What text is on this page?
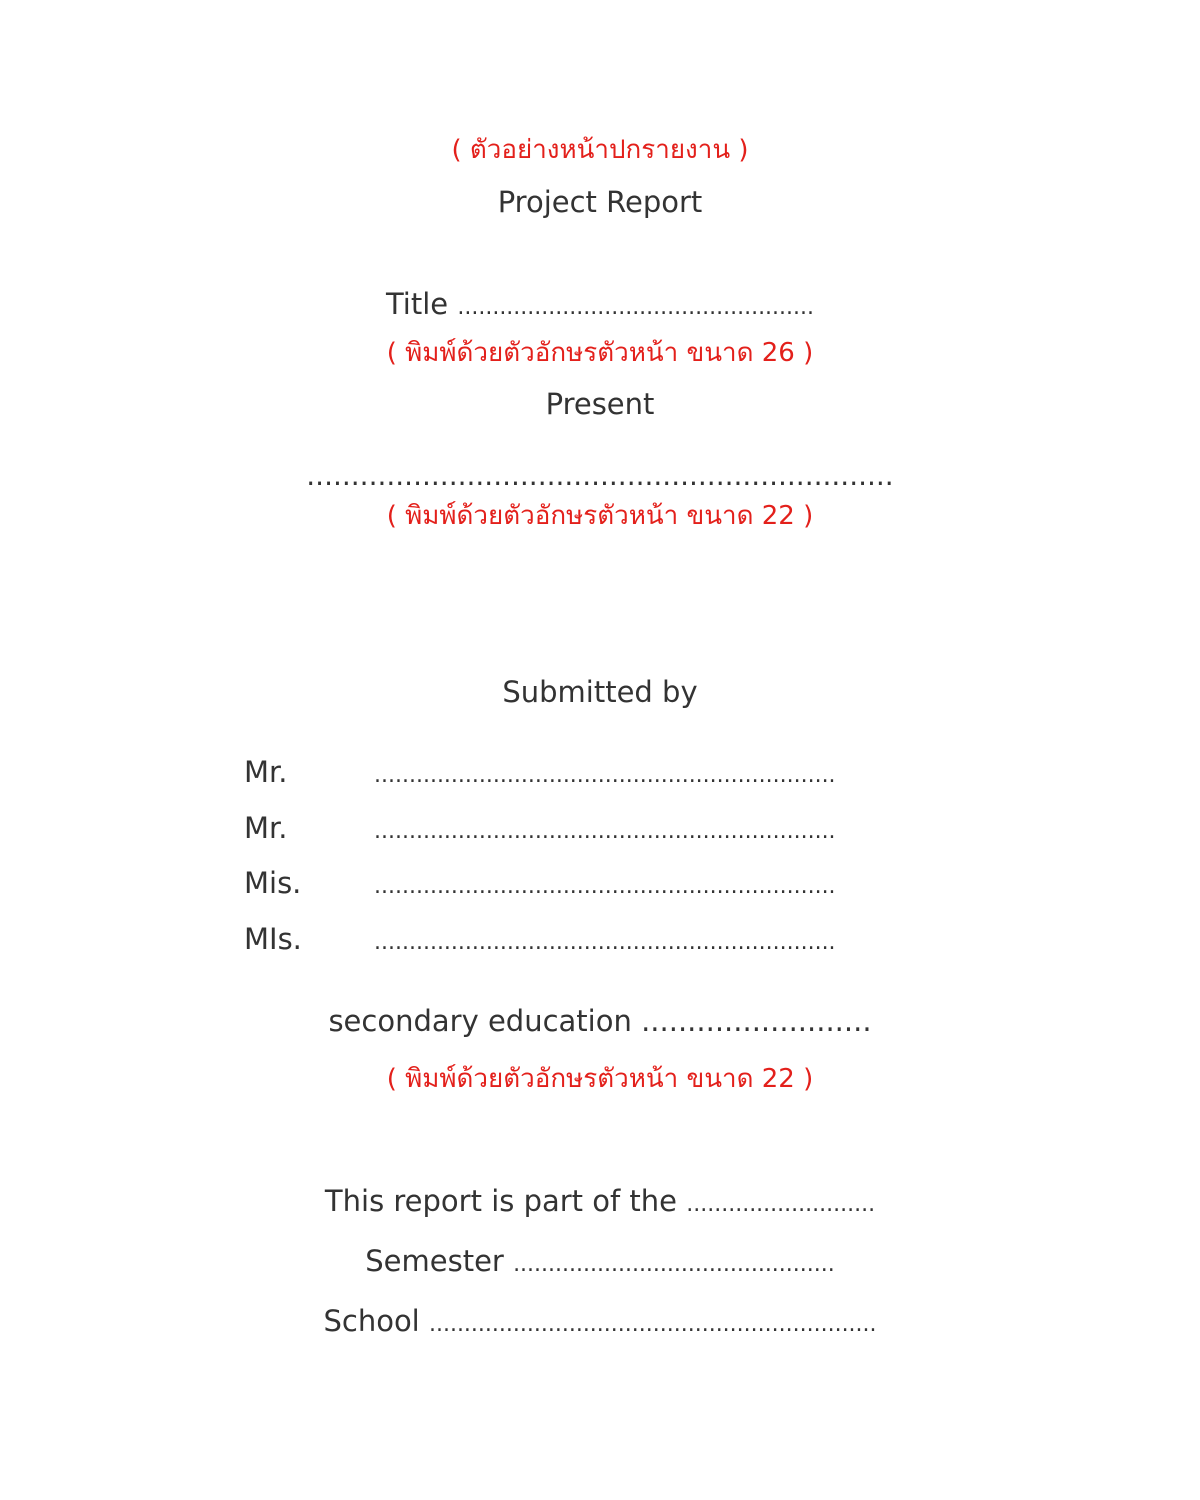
( ตัวอย่างหน้าปกรายงาน )
Project Report
Title ...................................................
( พิมพ์ด้วยตัวอักษรตัวหน้า ขนาด 26 )
Present
..................................................................
( พิมพ์ด้วยตัวอักษรตัวหน้า ขนาด 22 )
Submitted by
Mr.	..................................................................
Mr.	..................................................................
Mis.	..................................................................
MIs.	..................................................................
secondary education .........................
( พิมพ์ด้วยตัวอักษรตัวหน้า ขนาด 22 )
This report is part of the ...........................
Semester ..............................................
School ................................................................
